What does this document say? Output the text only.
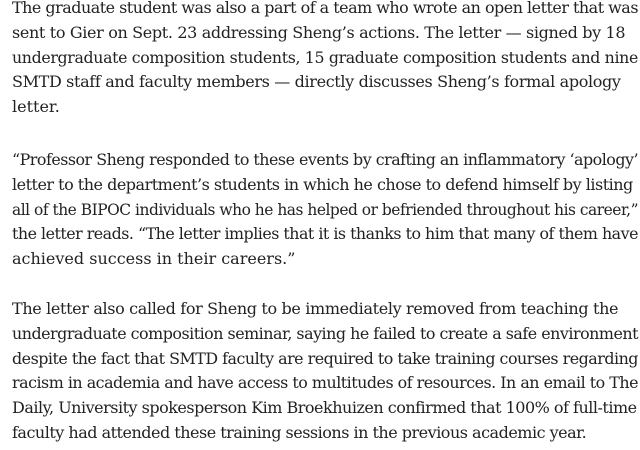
The graduate student was also a part of a team who wrote an open letter that was
sent to Gier on Sept. 23 addressing Sheng’s actions. The letter — signed by 18
undergraduate composition students, 15 graduate composition students and nine
SMTD staff and faculty members — directly discusses Sheng’s formal apology
letter.

“Professor Sheng responded to these events by crafting an inflammatory ‘apology’
letter to the department’s students in which he chose to defend himself by listing
all of the BIPOC individuals who he has helped or befriended throughout his career,”
the letter reads. “The letter implies that it is thanks to him that many of them have
achieved success in their careers.”

The letter also called for Sheng to be immediately removed from teaching the
undergraduate composition seminar, saying he failed to create a safe environment
despite the fact that SMTD faculty are required to take training courses regarding
racism in academia and have access to multitudes of resources. In an email to The
Daily, University spokesperson Kim Broekhuizen confirmed that 100% of full-time
faculty had attended these training sessions in the previous academic year.
